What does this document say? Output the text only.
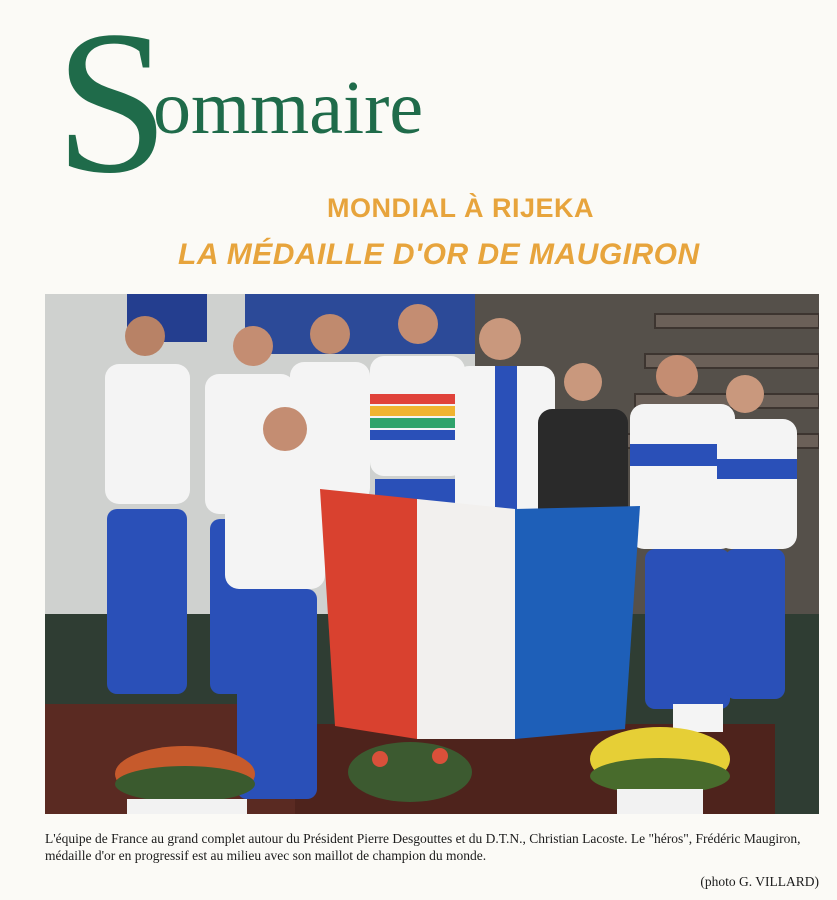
S
ommaire
MONDIAL À RIJEKA
LA MÉDAILLE D'OR DE MAUGIRON

L'équipe de France au grand complet autour du Président Pierre Desgouttes et du D.T.N., Christian Lacoste. Le "héros", Frédéric Maugiron, médaille d'or en progressif est au milieu avec son maillot de champion du monde.

(photo G. VILLARD)
